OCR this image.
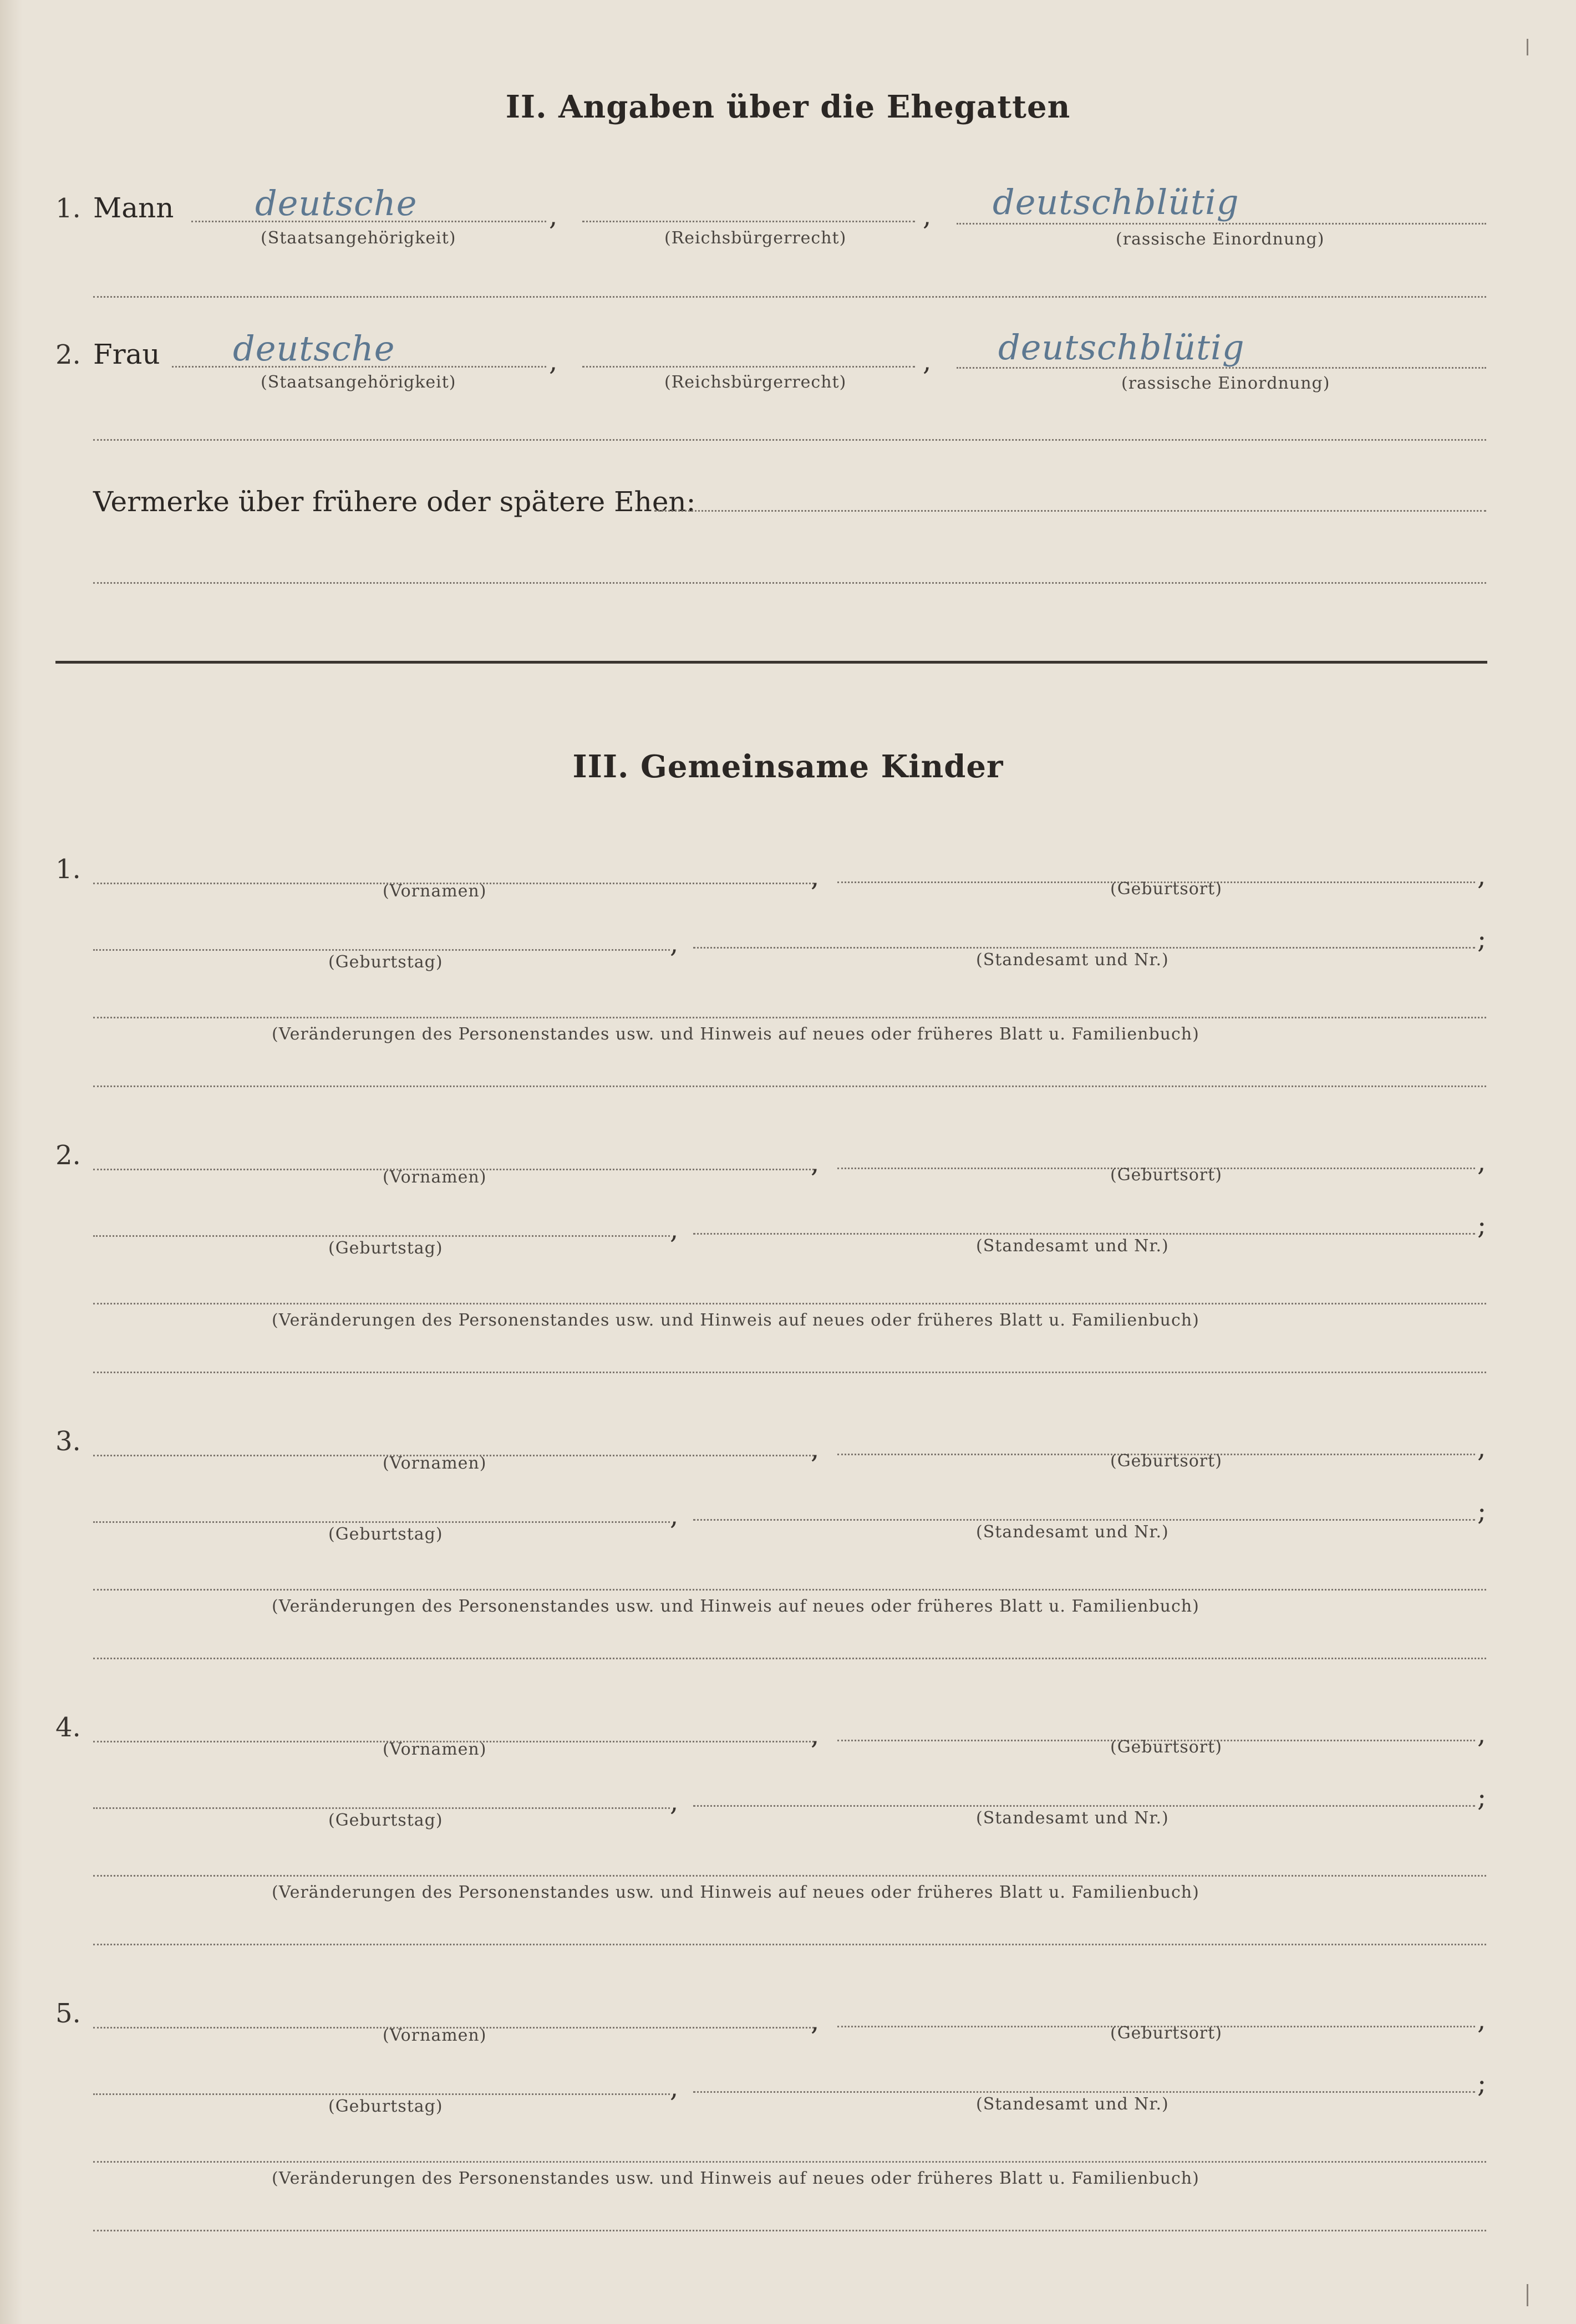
II. Angaben über die Ehegatten
1. Mann deutsche
(Staatsangehörigkeit)
,
(Reichsbürgerrecht)
, deutschblütig
(rassische Einordnung)
2. Frau deutsche
(Staatsangehörigkeit)
,
(Reichsbürgerrecht)
, deutschblütig
(rassische Einordnung)
Vermerke über frühere oder spätere Ehen:
III. Gemeinsame Kinder
1.	,
(Vornamen)	,
(Geburtsort)
,
(Geburtstag)
;
(Standesamt und Nr.)
(Veränderungen des Personenstandes usw. und Hinweis auf neues oder früheres Blatt u. Familienbuch)
2.	,
(Vornamen)	,
(Geburtsort)
,
(Geburtstag)
;
(Standesamt und Nr.)
(Veränderungen des Personenstandes usw. und Hinweis auf neues oder früheres Blatt u. Familienbuch)
3.	,
(Vornamen)	,
(Geburtsort)
,
(Geburtstag)
;
(Standesamt und Nr.)
(Veränderungen des Personenstandes usw. und Hinweis auf neues oder früheres Blatt u. Familienbuch)
4.	,
(Vornamen)	,
(Geburtsort)
,
(Geburtstag)
;
(Standesamt und Nr.)
(Veränderungen des Personenstandes usw. und Hinweis auf neues oder früheres Blatt u. Familienbuch)
5.	,
(Vornamen)	,
(Geburtsort)
,
(Geburtstag)
;
(Standesamt und Nr.)
(Veränderungen des Personenstandes usw. und Hinweis auf neues oder früheres Blatt u. Familienbuch)
